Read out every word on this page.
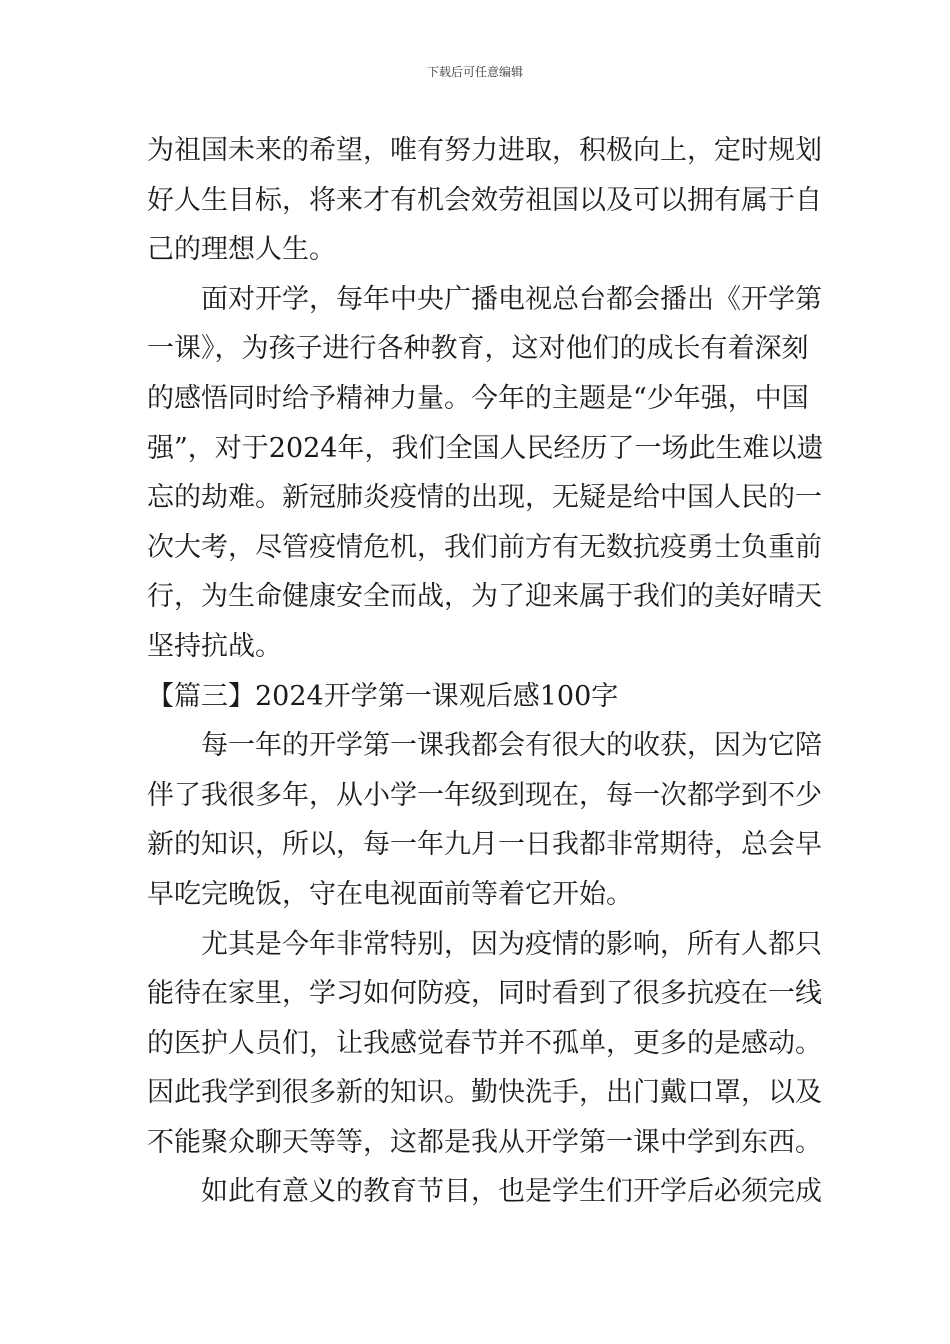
下载后可任意编辑
为祖国未来的希望，唯有努力进取，积极向上，定时规划
好人生目标，将来才有机会效劳祖国以及可以拥有属于自
己的理想人生。
面对开学，每年中央广播电视总台都会播出《开学第
一课》，为孩子进行各种教育，这对他们的成长有着深刻
的感悟同时给予精神力量。今年的主题是“少年强，中国
强”，对于2024年，我们全国人民经历了一场此生难以遗
忘的劫难。新冠肺炎疫情的出现，无疑是给中国人民的一
次大考，尽管疫情危机，我们前方有无数抗疫勇士负重前
行，为生命健康安全而战，为了迎来属于我们的美好晴天
坚持抗战。
【篇三】2024开学第一课观后感100字
每一年的开学第一课我都会有很大的收获，因为它陪
伴了我很多年，从小学一年级到现在，每一次都学到不少
新的知识，所以，每一年九月一日我都非常期待，总会早
早吃完晚饭，守在电视面前等着它开始。
尤其是今年非常特别，因为疫情的影响，所有人都只
能待在家里，学习如何防疫，同时看到了很多抗疫在一线
的医护人员们，让我感觉春节并不孤单，更多的是感动。
因此我学到很多新的知识。勤快洗手，出门戴口罩，以及
不能聚众聊天等等，这都是我从开学第一课中学到东西。
如此有意义的教育节目，也是学生们开学后必须完成
